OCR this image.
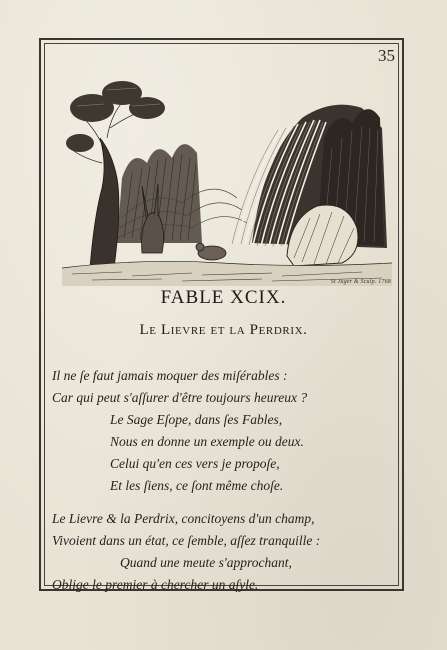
35
St Jüger & Sculp. 1768
FABLE XCIX.
Le Lievre et la Perdrix.
Il ne ſe faut jamais moquer des miſérables :
Car qui peut s'aſſurer d'être toujours heureux ?
Le Sage Eſope, dans ſes Fables,
Nous en donne un exemple ou deux.
Celui qu'en ces vers je propoſe,
Et les ſiens, ce ſont même choſe.
Le Lievre & la Perdrix, concitoyens d'un champ,
Vivoient dans un état, ce ſemble, aſſez tranquille :
Quand une meute s'approchant,
Oblige le premier à chercher un aſyle.
